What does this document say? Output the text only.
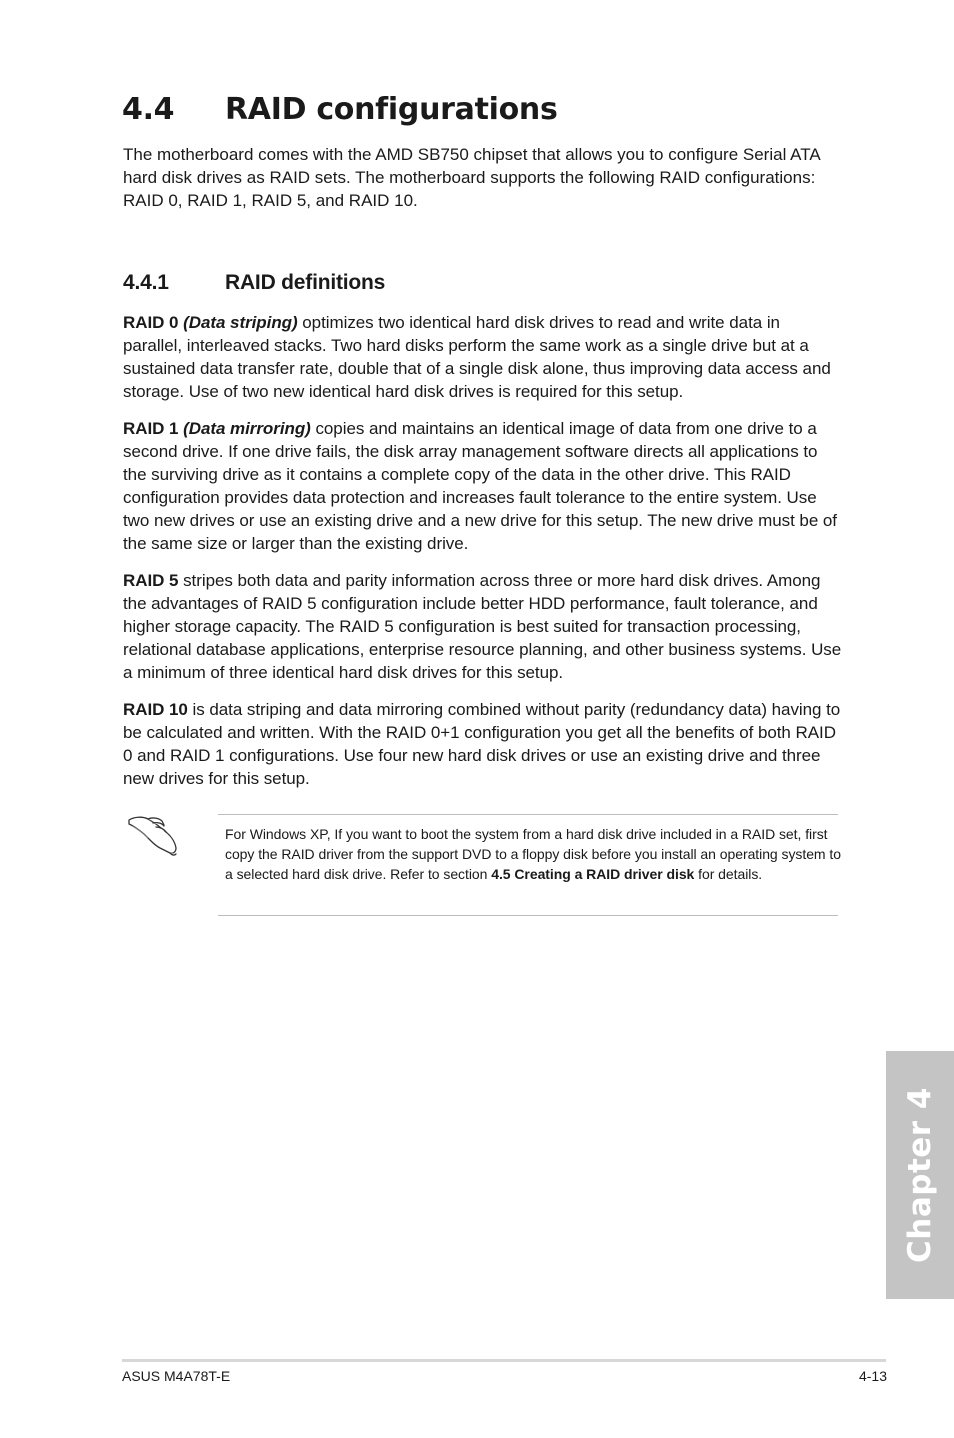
4.4 RAID configurations

The motherboard comes with the AMD SB750 chipset that allows you to configure Serial ATA hard disk drives as RAID sets. The motherboard supports the following RAID configurations: RAID 0, RAID 1, RAID 5, and RAID 10.

4.4.1	RAID definitions

RAID 0 (Data striping) optimizes two identical hard disk drives to read and write data in parallel, interleaved stacks. Two hard disks perform the same work as a single drive but at a sustained data transfer rate, double that of a single disk alone, thus improving data access and storage. Use of two new identical hard disk drives is required for this setup.

RAID 1 (Data mirroring) copies and maintains an identical image of data from one drive to a second drive. If one drive fails, the disk array management software directs all applications to the surviving drive as it contains a complete copy of the data in the other drive. This RAID configuration provides data protection and increases fault tolerance to the entire system. Use two new drives or use an existing drive and a new drive for this setup. The new drive must be of the same size or larger than the existing drive.

RAID 5 stripes both data and parity information across three or more hard disk drives. Among the advantages of RAID 5 configuration include better HDD performance, fault tolerance, and higher storage capacity. The RAID 5 configuration is best suited for transaction processing, relational database applications, enterprise resource planning, and other business systems. Use a minimum of three identical hard disk drives for this setup.

RAID 10 is data striping and data mirroring combined without parity (redundancy data) having to be calculated and written. With the RAID 0+1 configuration you get all the benefits of both RAID 0 and RAID 1 configurations. Use four new hard disk drives or use an existing drive and three new drives for this setup.

For Windows XP, If you want to boot the system from a hard disk drive included in a RAID set, first copy the RAID driver from the support DVD to a floppy disk before you install an operating system to a selected hard disk drive. Refer to section 4.5 Creating a RAID driver disk for details.

Chapter 4
ASUS M4A78T-E	4-13
